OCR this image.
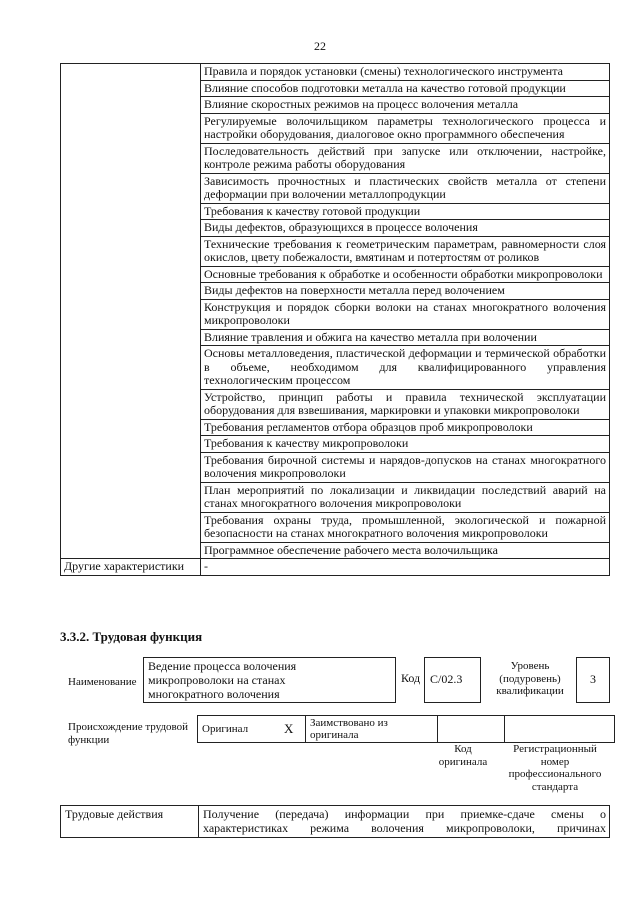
22
	Правила и порядок установки (смены) технологического инструмента
	Влияние способов подготовки металла на качество готовой продукции
	Влияние скоростных режимов на процесс волочения металла
	Регулируемые волочильщиком параметры технологического процесса и настройки оборудования, диалоговое окно программного обеспечения
	Последовательность действий при запуске или отключении, настройке, контроле режима работы оборудования
	Зависимость прочностных и пластических свойств металла от степени деформации при волочении металлопродукции
	Требования к качеству готовой продукции
	Виды дефектов, образующихся в процессе волочения
	Технические требования к геометрическим параметрам, равномерности слоя окислов, цвету побежалости, вмятинам и потертостям от роликов
	Основные требования к обработке и особенности обработки микропроволоки
	Виды дефектов на поверхности металла перед волочением
	Конструкция и порядок сборки волоки на станах многократного волочения микропроволоки
	Влияние травления и обжига на качество металла при волочении
	Основы металловедения, пластической деформации и термической обработки в объеме, необходимом для квалифицированного управления технологическим процессом
	Устройство, принцип работы и правила технической эксплуатации оборудования для взвешивания, маркировки и упаковки микропроволоки
	Требования регламентов отбора образцов проб микропроволоки
	Требования к качеству микропроволоки
	Требования бирочной системы и нарядов-допусков на станах многократного волочения микропроволоки
	План мероприятий по локализации и ликвидации последствий аварий на станах многократного волочения микропроволоки
	Требования охраны труда, промышленной, экологической и пожарной безопасности на станах многократного волочения микропроволоки
	Программное обеспечение рабочего места волочильщика
Другие характеристики	-
3.3.2. Трудовая функция
Наименование
Ведение процесса волочения микропроволоки на станах многократного волочения
Код C/02.3
Уровень (подуровень) квалификации
3
Происхождение трудовой функции
Оригинал	X	Заимствовано из оригинала		
Код оригинала
Регистрационный номер профессионального стандарта
Трудовые действия	Получение (передача) информации при приемке-сдаче смены о характеристиках режима волочения микропроволоки, причинах
